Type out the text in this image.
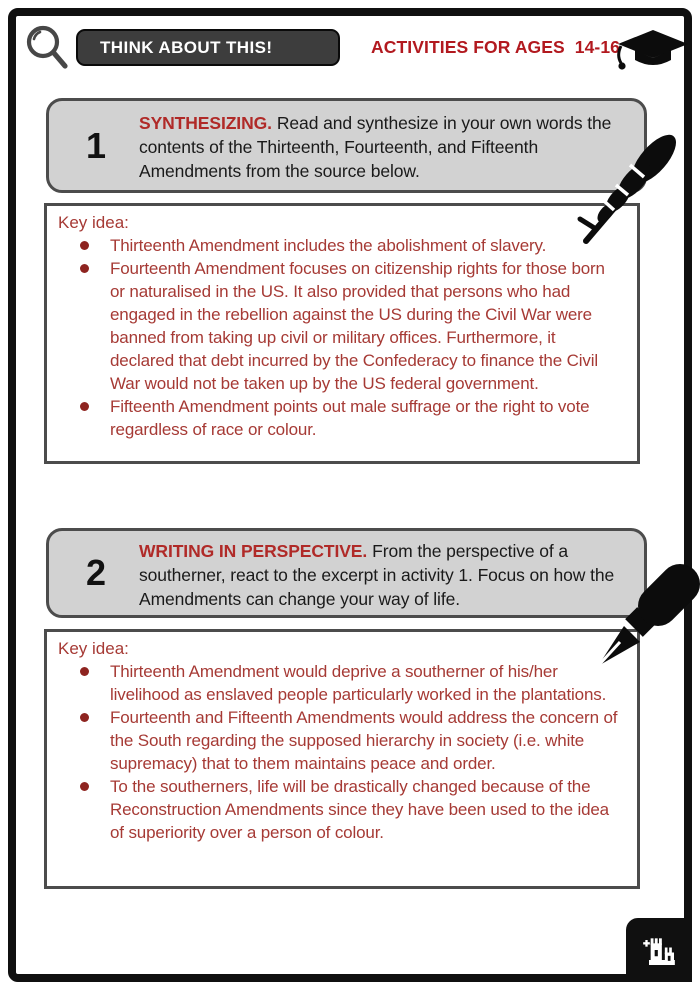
THINK ABOUT THIS!	ACTIVITIES FOR AGES  14-16
1

SYNTHESIZING. Read and synthesize in your own words the contents of the Thirteenth, Fourteenth, and Fifteenth Amendments from the source below.

Key idea:
Thirteenth Amendment includes the abolishment of slavery.
Fourteenth Amendment focuses on citizenship rights for those born or naturalised in the US. It also provided that persons who had engaged in the rebellion against the US during the Civil War were banned from taking up civil or military offices. Furthermore, it declared that debt incurred by the Confederacy to finance the Civil War would not be taken up by the US federal government.
Fifteenth Amendment points out male suffrage or the right to vote regardless of race or colour.
2

WRITING IN PERSPECTIVE. From the perspective of a southerner, react to the excerpt in activity 1. Focus on how the Amendments can change your way of life.

Key idea:
Thirteenth Amendment would deprive a southerner of his/her livelihood as enslaved people particularly worked in the plantations.
Fourteenth and Fifteenth Amendments would address the concern of the South regarding the supposed hierarchy in society (i.e. white supremacy) that to them maintains peace and order.
To the southerners, life will be drastically changed because of the Reconstruction Amendments since they have been used to the idea of superiority over a person of colour.
